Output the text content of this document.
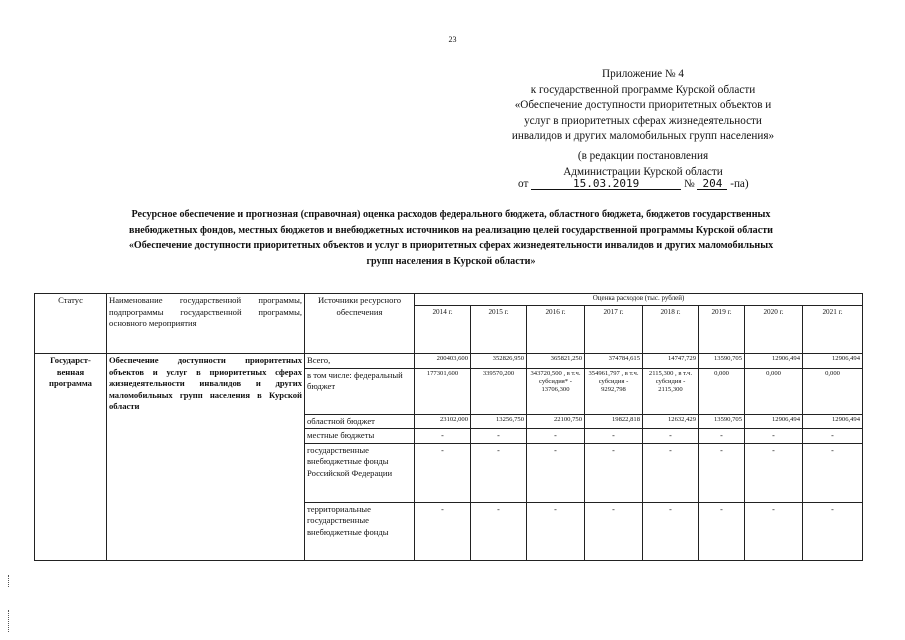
23
Приложение № 4
к государственной программе Курской области
«Обеспечение доступности приоритетных объектов и
услуг в приоритетных сферах жизнедеятельности
инвалидов и других маломобильных групп населения»
(в редакции постановления
Администрации Курской области
от	15.03.2019	№ 204 -па)
Ресурсное обеспечение и прогнозная (справочная) оценка расходов федерального бюджета, областного бюджета, бюджетов государственных
внебюджетных фондов, местных бюджетов и внебюджетных источников на реализацию целей государственной программы Курской области
«Обеспечение доступности приоритетных объектов и услуг в приоритетных сферах жизнедеятельности инвалидов и других маломобильных
групп населения в Курской области»
Статус	Наименование государственной программы, подпрограммы государственной программы, основного мероприятия	Источники ресурсного обеспечения	Оценка расходов (тыс. рублей)							
			2014 г.	2015 г.	2016 г.	2017 г.	2018 г.	2019 г.	2020 г.	2021 г.
Государст-венная программа	Обеспечение доступности приоритетных объектов и услуг в приоритетных сферах жизнедеятельности инвалидов и других маломобильных групп населения в Курской области	Всего,	200403,600	352826,950	365821,250	374784,615	14747,729	13590,705	12906,494	12906,494
		в том числе: федеральный бюджет	177301,600	339570,200	343720,500 , в т.ч. субсидия* - 13706,300	354961,797 , в т.ч. субсидия - 9292,798	2115,300 , в т.ч. субсидия - 2115,300	0,000	0,000	0,000
		областной бюджет	23102,000	13256,750	22100,750	19822,818	12632,429	13590,705	12906,494	12906,494
		местные бюджеты	-	-	-	-	-	-	-	-
		государственные внебюджетные фонды Российской Федерации	-	-	-	-	-	-	-	-
		территориальные государственные внебюджетные фонды	-	-	-	-	-	-	-	-
